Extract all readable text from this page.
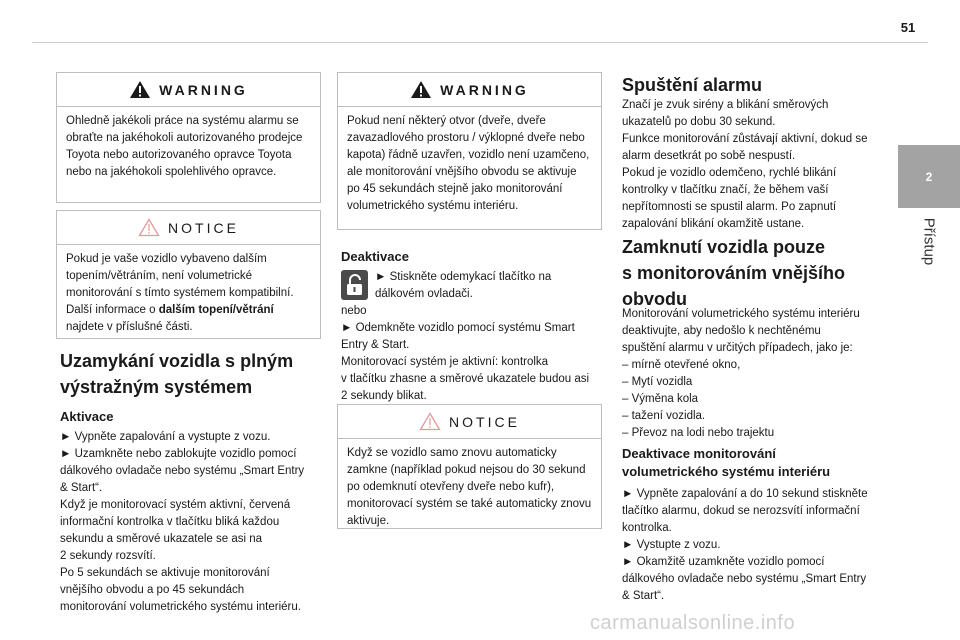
51
2
Přístup
WARNING

Ohledně jakékoli práce na systému alarmu se obraťte na jakéhokoli autorizovaného prodejce Toyota nebo autorizovaného opravce Toyota nebo na jakéhokoli spolehlivého opravce.

NOTICE

Pokud je vaše vozidlo vybaveno dalším topením/větráním, není volumetrické monitorování s tímto systémem kompatibilní. Další informace o dalším topení/větrání najdete v příslušné části.

Uzamykání vozidla s plným
výstražným systémem
Aktivace

► Vypněte zapalování a vystupte z vozu.

► Uzamkněte nebo zablokujte vozidlo pomocí

dálkového ovladače nebo systému „Smart Entry

& Start“.

Když je monitorovací systém aktivní, červená

informační kontrolka v tlačítku bliká každou

sekundu a směrové ukazatele se asi na

2 sekundy rozsvítí.

Po 5 sekundách se aktivuje monitorování

vnějšího obvodu a po 45 sekundách

monitorování volumetrického systému interiéru.

WARNING

Pokud není některý otvor (dveře, dveře zavazadlového prostoru / výklopné dveře nebo kapota) řádně uzavřen, vozidlo není uzamčeno, ale monitorování vnějšího obvodu se aktivuje po 45 sekundách stejně jako monitorování volumetrického systému interiéru.

Deaktivace

► Stiskněte odemykací tlačítko na

dálkovém ovladači.

nebo

► Odemkněte vozidlo pomocí systému Smart

Entry & Start.

Monitorovací systém je aktivní: kontrolka

v tlačítku zhasne a směrové ukazatele budou asi

2 sekundy blikat.

NOTICE

Když se vozidlo samo znovu automaticky zamkne (například pokud nejsou do 30 sekund po odemknutí otevřeny dveře nebo kufr), monitorovací systém se také automaticky znovu aktivuje.

Spuštění alarmu

Značí je zvuk sirény a blikání směrových

ukazatelů po dobu 30 sekund.

Funkce monitorování zůstávají aktivní, dokud se

alarm desetkrát po sobě nespustí.

Pokud je vozidlo odemčeno, rychlé blikání

kontrolky v tlačítku značí, že během vaší

nepřítomnosti se spustil alarm. Po zapnutí

zapalování blikání okamžitě ustane.

Zamknutí vozidla pouze
s monitorováním vnějšího
obvodu

Monitorování volumetrického systému interiéru

deaktivujte, aby nedošlo k nechtěnému

spuštění alarmu v určitých případech, jako je:

– mírně otevřené okno,

– Mytí vozidla

– Výměna kola

– tažení vozidla.

– Převoz na lodi nebo trajektu

Deaktivace monitorování
volumetrického systému interiéru

► Vypněte zapalování a do 10 sekund stiskněte

tlačítko alarmu, dokud se nerozsvítí informační

kontrolka.

► Vystupte z vozu.

► Okamžitě uzamkněte vozidlo pomocí

dálkového ovladače nebo systému „Smart Entry

& Start“.

carmanualsonline.info
